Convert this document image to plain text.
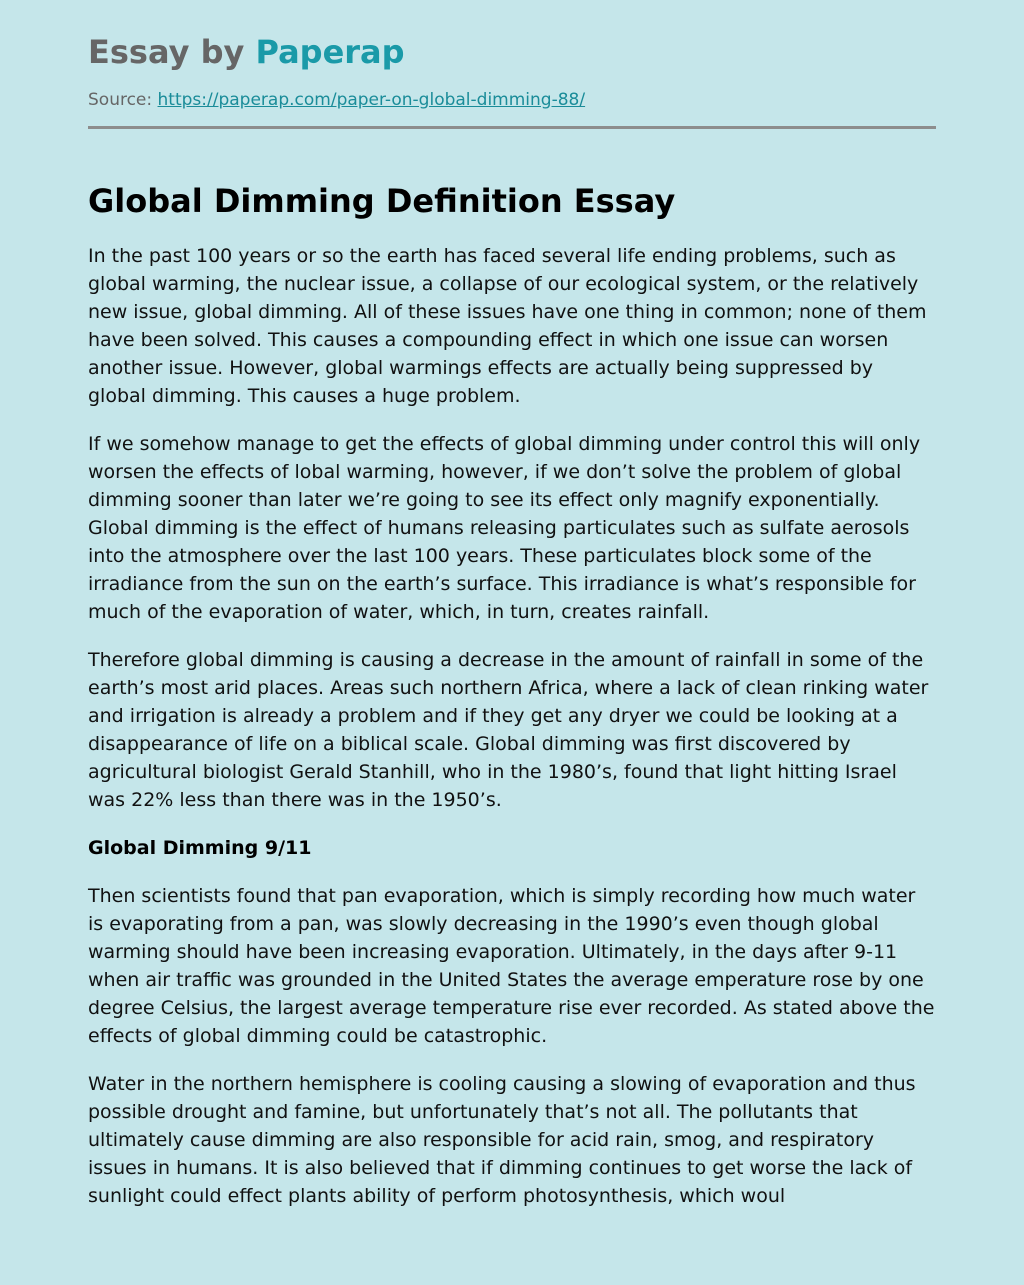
Essay by Paperap
Source: https://paperap.com/paper-on-global-dimming-88/
Global Dimming Definition Essay

In the past 100 years or so the earth has faced several life ending problems, such as global warming, the nuclear issue, a collapse of our ecological system, or the relatively new issue, global dimming. All of these issues have one thing in common; none of them have been solved. This causes a compounding effect in which one issue can worsen another issue. However, global warmings effects are actually being suppressed by global dimming. This causes a huge problem.

If we somehow manage to get the effects of global dimming under control this will only worsen the effects of lobal warming, however, if we don’t solve the problem of global dimming sooner than later we’re going to see its effect only magnify exponentially. Global dimming is the effect of humans releasing particulates such as sulfate aerosols into the atmosphere over the last 100 years. These particulates block some of the irradiance from the sun on the earth’s surface. This irradiance is what’s responsible for much of the evaporation of water, which, in turn, creates rainfall.

Therefore global dimming is causing a decrease in the amount of rainfall in some of the earth’s most arid places. Areas such northern Africa, where a lack of clean rinking water and irrigation is already a problem and if they get any dryer we could be looking at a disappearance of life on a biblical scale. Global dimming was first discovered by agricultural biologist Gerald Stanhill, who in the 1980’s, found that light hitting Israel was 22% less than there was in the 1950’s.

Global Dimming 9/11

Then scientists found that pan evaporation, which is simply recording how much water is evaporating from a pan, was slowly decreasing in the 1990’s even though global warming should have been increasing evaporation. Ultimately, in the days after 9-11 when air traffic was grounded in the United States the average emperature rose by one degree Celsius, the largest average temperature rise ever recorded. As stated above the effects of global dimming could be catastrophic.

Water in the northern hemisphere is cooling causing a slowing of evaporation and thus possible drought and famine, but unfortunately that’s not all. The pollutants that ultimately cause dimming are also responsible for acid rain, smog, and respiratory issues in humans. It is also believed that if dimming continues to get worse the lack of sunlight could effect plants ability of perform photosynthesis, which woul
